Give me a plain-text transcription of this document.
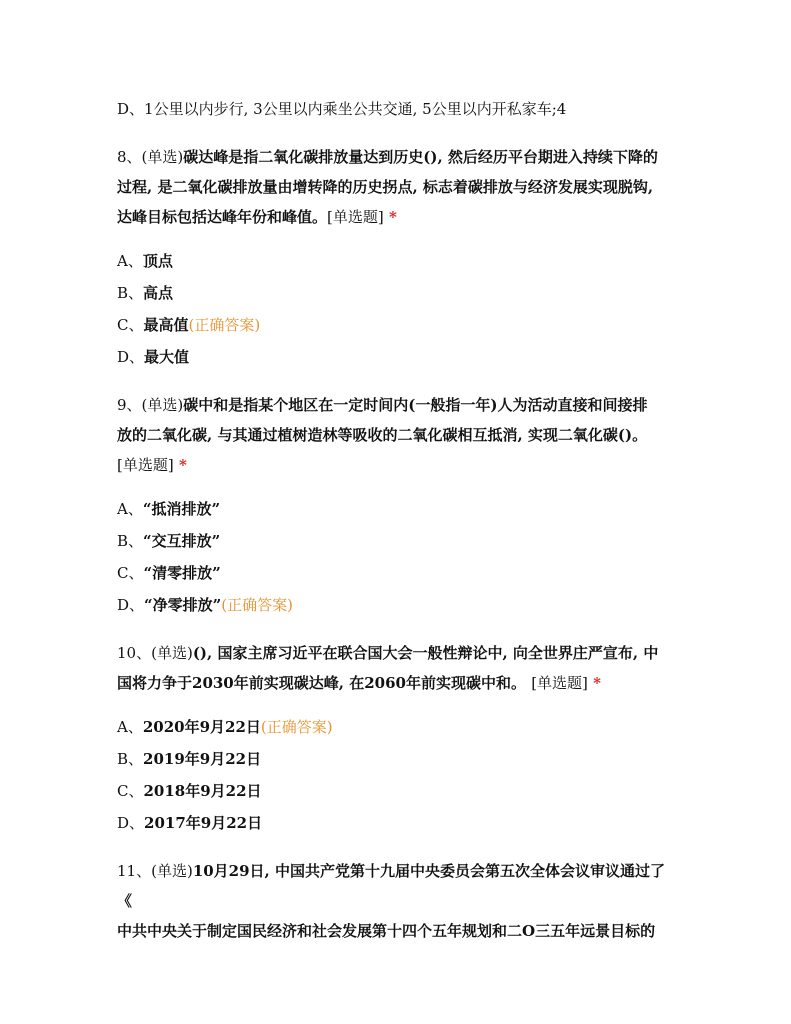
D、1公里以内步行, 3公里以内乘坐公共交通, 5公里以内开私家车;4

8、(单选)碳达峰是指二氧化碳排放量达到历史(), 然后经历平台期进入持续下降的

过程, 是二氧化碳排放量由增转降的历史拐点, 标志着碳排放与经济发展实现脱钩,

达峰目标包括达峰年份和峰值。[单选题] *

A、顶点

B、高点

C、最高值(正确答案)

D、最大值

9、(单选)碳中和是指某个地区在一定时间内(一般指一年)人为活动直接和间接排

放的二氧化碳, 与其通过植树造林等吸收的二氧化碳相互抵消, 实现二氧化碳()。

[单选题] *

A、“抵消排放”

B、“交互排放”

C、“清零排放”

D、“净零排放”(正确答案)

10、(单选)(), 国家主席习近平在联合国大会一般性辩论中, 向全世界庄严宣布, 中

国将力争于2030年前实现碳达峰, 在2060年前实现碳中和。 [单选题] *

A、2020年9月22日(正确答案)

B、2019年9月22日

C、2018年9月22日

D、2017年9月22日

11、(单选)10月29日, 中国共产党第十九届中央委员会第五次全体会议审议通过了《

中共中央关于制定国民经济和社会发展第十四个五年规划和二O三五年远景目标的
